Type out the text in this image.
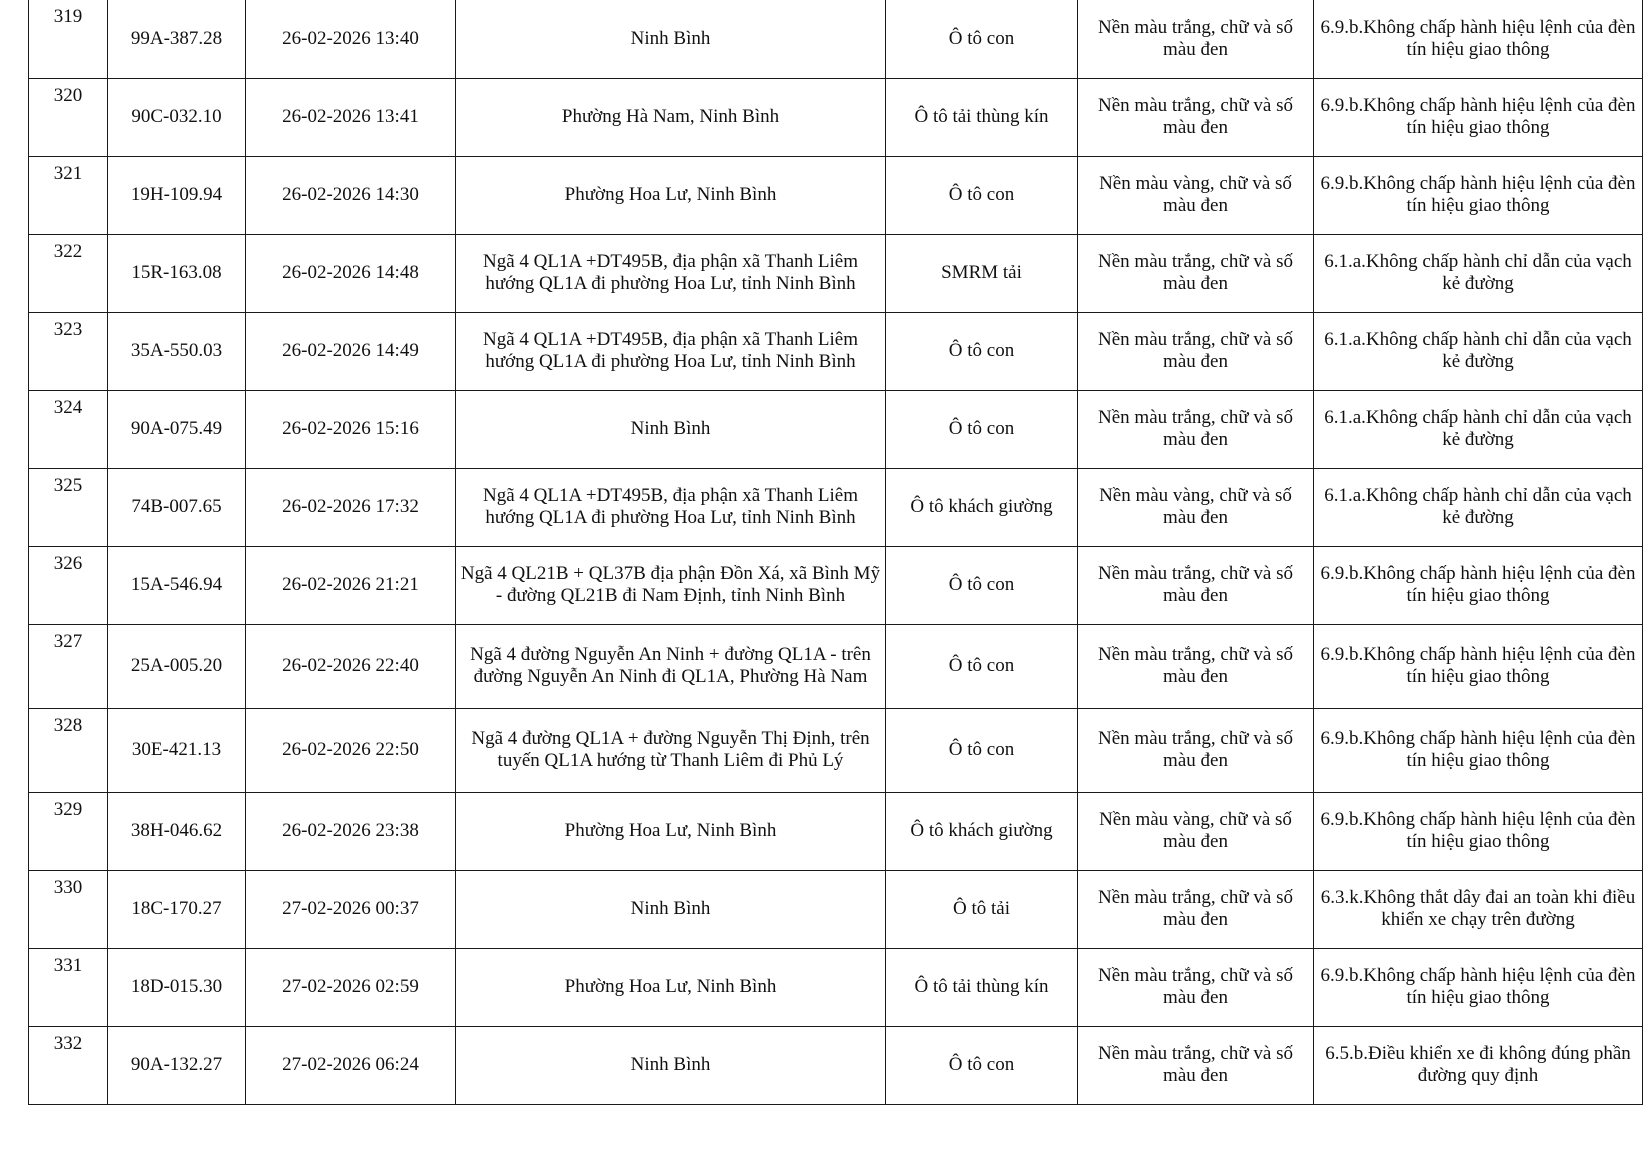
319	99A-387.28	26-02-2026 13:40	Ninh Bình	Ô tô con	Nền màu trắng, chữ và số màu đen	6.9.b.Không chấp hành hiệu lệnh của đèn tín hiệu giao thông
320	90C-032.10	26-02-2026 13:41	Phường Hà Nam, Ninh Bình	Ô tô tải thùng kín	Nền màu trắng, chữ và số màu đen	6.9.b.Không chấp hành hiệu lệnh của đèn tín hiệu giao thông
321	19H-109.94	26-02-2026 14:30	Phường Hoa Lư, Ninh Bình	Ô tô con	Nền màu vàng, chữ và số màu đen	6.9.b.Không chấp hành hiệu lệnh của đèn tín hiệu giao thông
322	15R-163.08	26-02-2026 14:48	Ngã 4 QL1A +DT495B, địa phận xã Thanh Liêm hướng QL1A đi phường Hoa Lư, tỉnh Ninh Bình	SMRM tải	Nền màu trắng, chữ và số màu đen	6.1.a.Không chấp hành chỉ dẫn của vạch kẻ đường
323	35A-550.03	26-02-2026 14:49	Ngã 4 QL1A +DT495B, địa phận xã Thanh Liêm hướng QL1A đi phường Hoa Lư, tỉnh Ninh Bình	Ô tô con	Nền màu trắng, chữ và số màu đen	6.1.a.Không chấp hành chỉ dẫn của vạch kẻ đường
324	90A-075.49	26-02-2026 15:16	Ninh Bình	Ô tô con	Nền màu trắng, chữ và số màu đen	6.1.a.Không chấp hành chỉ dẫn của vạch kẻ đường
325	74B-007.65	26-02-2026 17:32	Ngã 4 QL1A +DT495B, địa phận xã Thanh Liêm hướng QL1A đi phường Hoa Lư, tỉnh Ninh Bình	Ô tô khách giường	Nền màu vàng, chữ và số màu đen	6.1.a.Không chấp hành chỉ dẫn của vạch kẻ đường
326	15A-546.94	26-02-2026 21:21	Ngã 4 QL21B + QL37B địa phận Đồn Xá, xã Bình Mỹ - đường QL21B đi Nam Định, tỉnh Ninh Bình	Ô tô con	Nền màu trắng, chữ và số màu đen	6.9.b.Không chấp hành hiệu lệnh của đèn tín hiệu giao thông
327	25A-005.20	26-02-2026 22:40	Ngã 4 đường Nguyễn An Ninh + đường QL1A - trên đường Nguyễn An Ninh đi QL1A, Phường Hà Nam	Ô tô con	Nền màu trắng, chữ và số màu đen	6.9.b.Không chấp hành hiệu lệnh của đèn tín hiệu giao thông
328	30E-421.13	26-02-2026 22:50	Ngã 4 đường QL1A + đường Nguyễn Thị Định, trên tuyến QL1A hướng từ Thanh Liêm đi Phủ Lý	Ô tô con	Nền màu trắng, chữ và số màu đen	6.9.b.Không chấp hành hiệu lệnh của đèn tín hiệu giao thông
329	38H-046.62	26-02-2026 23:38	Phường Hoa Lư, Ninh Bình	Ô tô khách giường	Nền màu vàng, chữ và số màu đen	6.9.b.Không chấp hành hiệu lệnh của đèn tín hiệu giao thông
330	18C-170.27	27-02-2026 00:37	Ninh Bình	Ô tô tải	Nền màu trắng, chữ và số màu đen	6.3.k.Không thắt dây đai an toàn khi điều khiển xe chạy trên đường
331	18D-015.30	27-02-2026 02:59	Phường Hoa Lư, Ninh Bình	Ô tô tải thùng kín	Nền màu trắng, chữ và số màu đen	6.9.b.Không chấp hành hiệu lệnh của đèn tín hiệu giao thông
332	90A-132.27	27-02-2026 06:24	Ninh Bình	Ô tô con	Nền màu trắng, chữ và số màu đen	6.5.b.Điều khiển xe đi không đúng phần đường quy định
